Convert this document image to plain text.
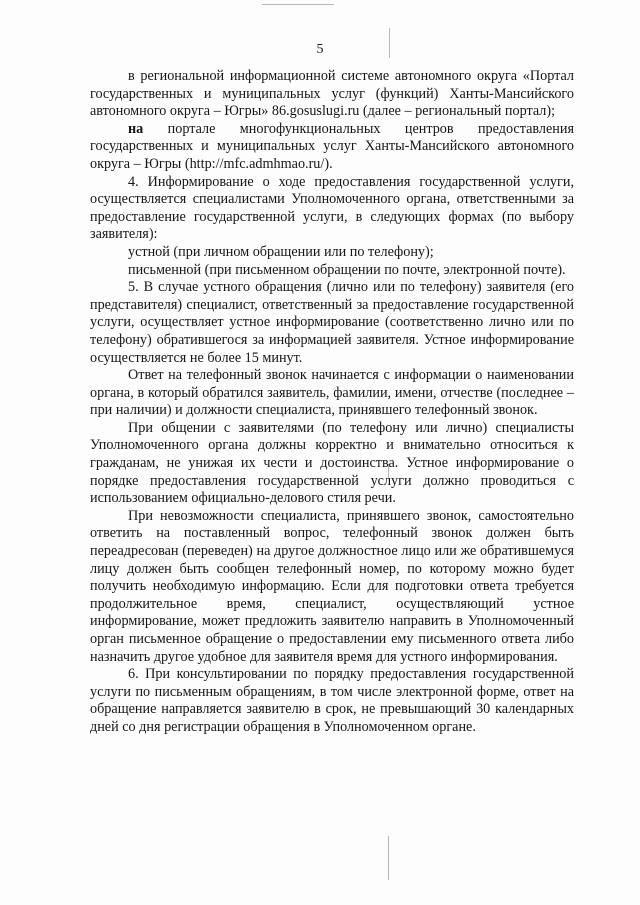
5

в региональной информационной системе автономного округа «Портал государственных и муниципальных услуг (функций) Ханты-Мансийского автономного округа – Югры» 86.gosuslugi.ru (далее – региональный портал);

на портале многофункциональных центров предоставления государственных и муниципальных услуг Ханты-Мансийского автономного округа – Югры (http://mfc.admhmao.ru/).

4. Информирование о ходе предоставления государственной услуги, осуществляется специалистами Уполномоченного органа, ответственными за предоставление государственной услуги, в следующих формах (по выбору заявителя):

устной (при личном обращении или по телефону);

письменной (при письменном обращении по почте, электронной почте).

5. В случае устного обращения (лично или по телефону) заявителя (его представителя) специалист, ответственный за предоставление государственной услуги, осуществляет устное информирование (соответственно лично или по телефону) обратившегося за информацией заявителя. Устное информирование осуществляется не более 15 минут.

Ответ на телефонный звонок начинается с информации о наименовании органа, в который обратился заявитель, фамилии, имени, отчестве (последнее – при наличии) и должности специалиста, принявшего телефонный звонок.

При общении с заявителями (по телефону или лично) специалисты Уполномоченного органа должны корректно и внимательно относиться к гражданам, не унижая их чести и достоинства. Устное информирование о порядке предоставления государственной услуги должно проводиться с использованием официально-делового стиля речи.

При невозможности специалиста, принявшего звонок, самостоятельно ответить на поставленный вопрос, телефонный звонок должен быть переадресован (переведен) на другое должностное лицо или же обратившемуся лицу должен быть сообщен телефонный номер, по которому можно будет получить необходимую информацию. Если для подготовки ответа требуется продолжительное время, специалист, осуществляющий устное информирование, может предложить заявителю направить в Уполномоченный орган письменное обращение о предоставлении ему письменного ответа либо назначить другое удобное для заявителя время для устного информирования.

6. При консультировании по порядку предоставления государственной услуги по письменным обращениям, в том числе электронной форме, ответ на обращение направляется заявителю в срок, не превышающий 30 календарных дней со дня регистрации обращения в Уполномоченном органе.
